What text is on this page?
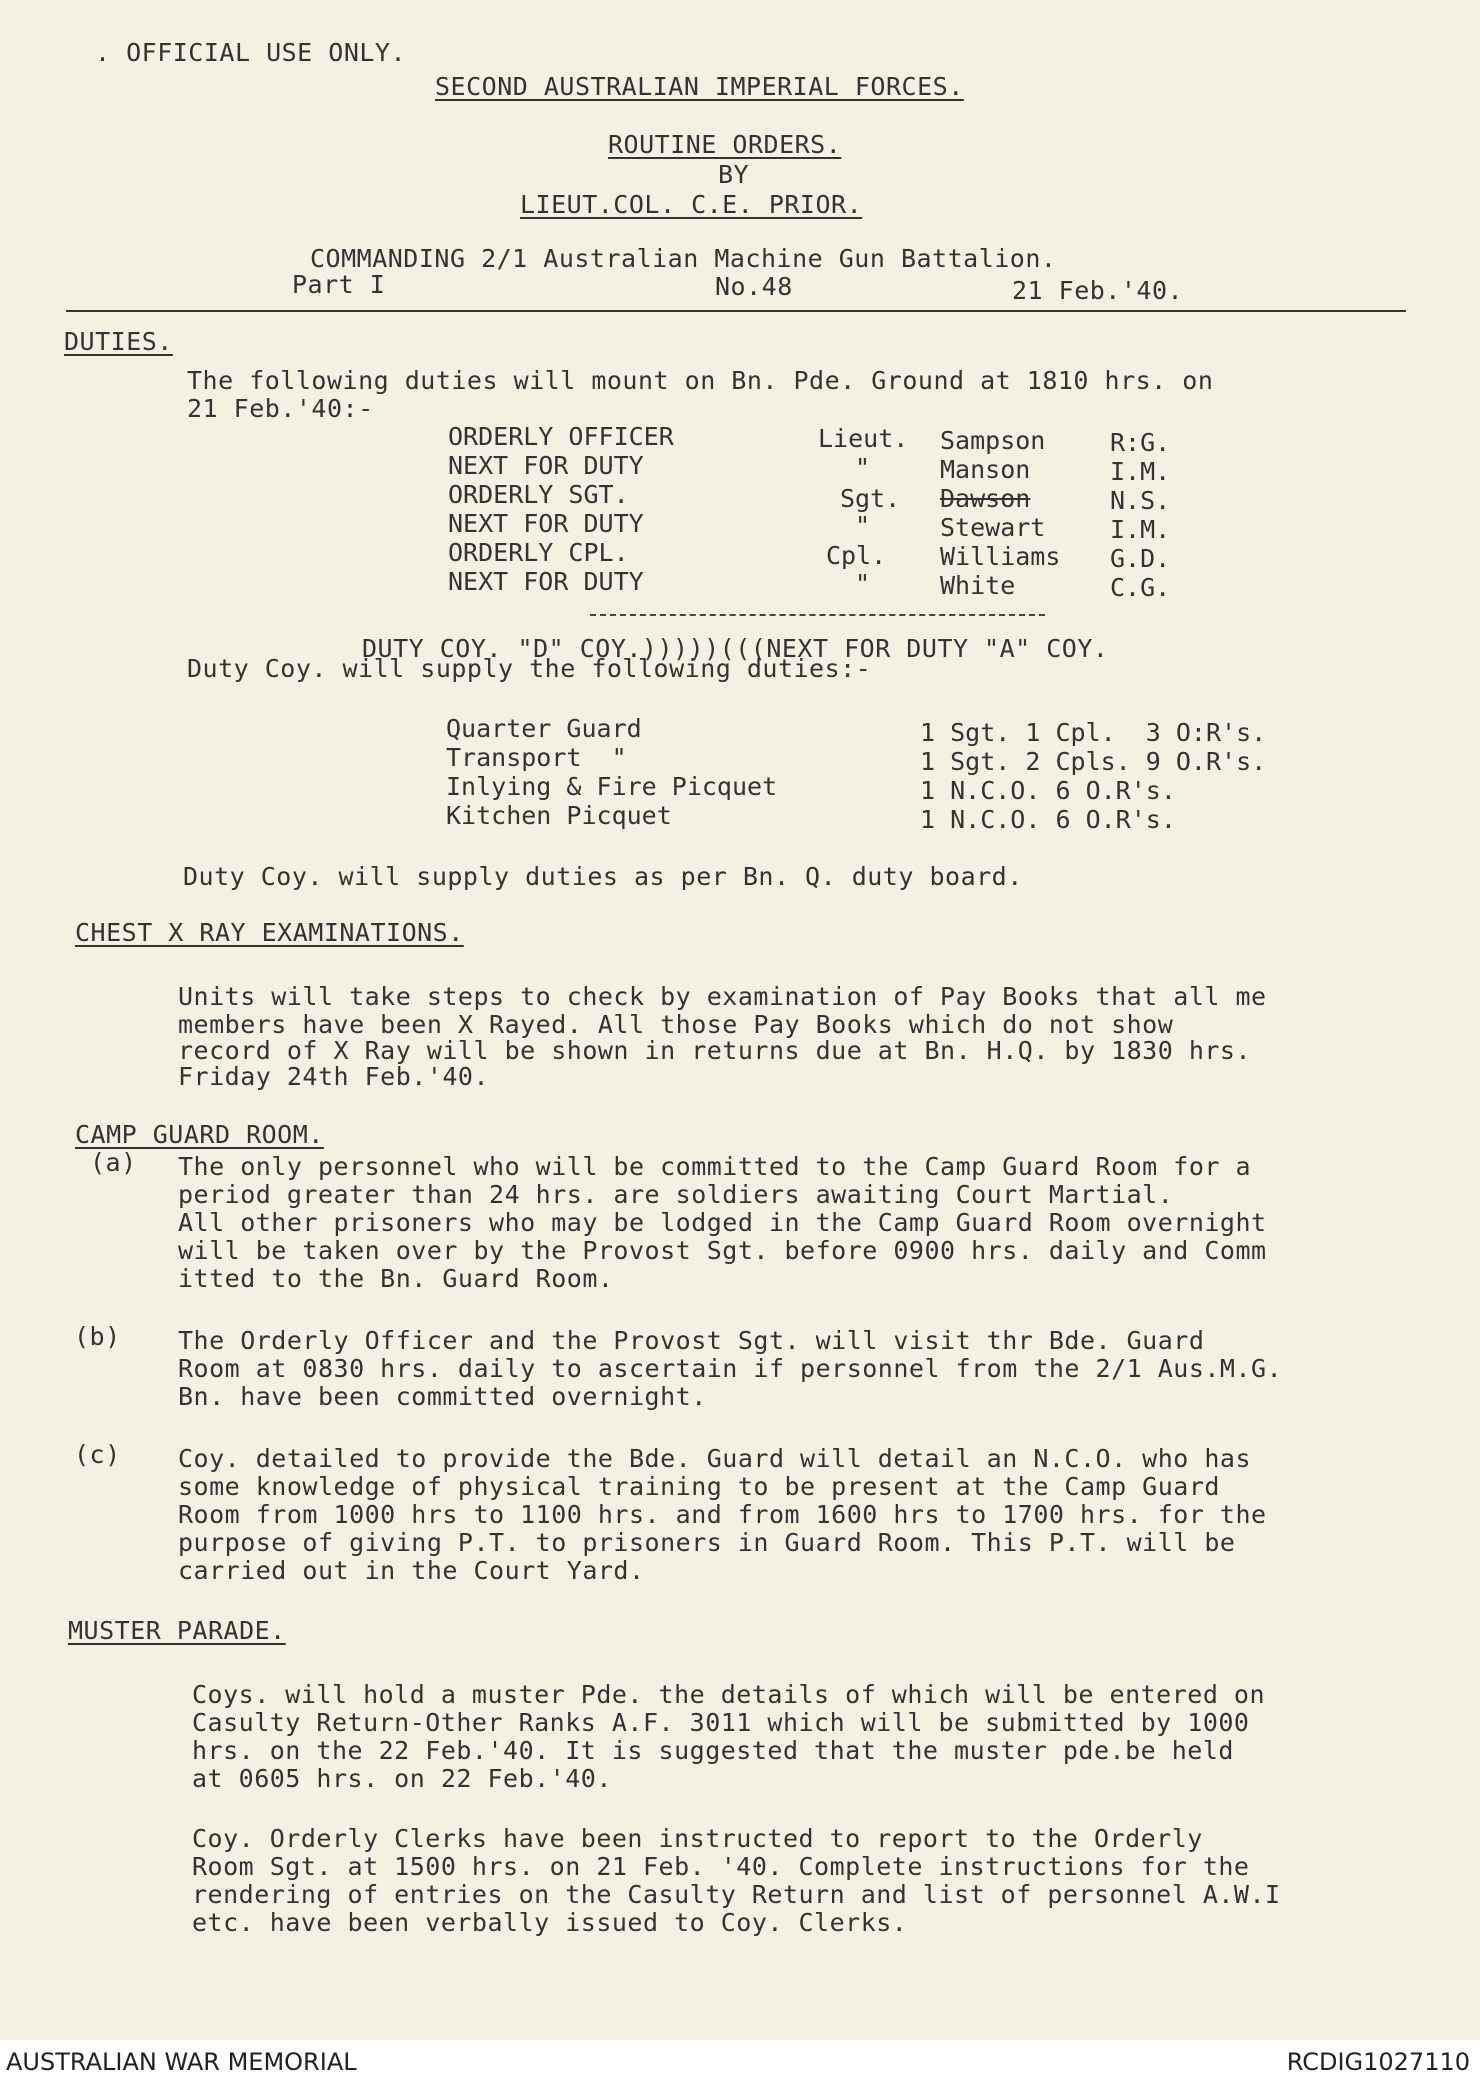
. OFFICIAL USE ONLY.
SECOND AUSTRALIAN IMPERIAL FORCES.
ROUTINE ORDERS.
BY
LIEUT.COL. C.E. PRIOR.
COMMANDING 2/1 Australian Machine Gun Battalion.
Part I	No.48	21 Feb.'40.
DUTIES.
The following duties will mount on Bn. Pde. Ground at 1810 hrs. on
21 Feb.'40:-
ORDERLY OFFICER	Lieut. Sampson	R:G.
NEXT FOR DUTY	"	Manson	I.M.
ORDERLY SGT.	Sgt. Dawson	N.S.
NEXT FOR DUTY	"	Stewart	I.M.
ORDERLY CPL.	Cpl. Williams G.D.
NEXT FOR DUTY	"	White	C.G.
DUTY COY. "D" COY.)))))(((NEXT FOR DUTY "A" COY.
Duty Coy. will supply the following duties:-
Quarter Guard	1 Sgt. 1 Cpl.  3 O:R's.
Transport  "	1 Sgt. 2 Cpls. 9 O.R's.
Inlying & Fire Picquet	1 N.C.O. 6 O.R's.
Kitchen Picquet	1 N.C.O. 6 O.R's.
Duty Coy. will supply duties as per Bn. Q. duty board.
CHEST X RAY EXAMINATIONS.
Units will take steps to check by examination of Pay Books that all me
members have been X Rayed. All those Pay Books which do not show
record of X Ray will be shown in returns due at Bn. H.Q. by 1830 hrs.
Friday 24th Feb.'40.
CAMP GUARD ROOM.
(a) The only personnel who will be committed to the Camp Guard Room for a
period greater than 24 hrs. are soldiers awaiting Court Martial.
All other prisoners who may be lodged in the Camp Guard Room overnight
will be taken over by the Provost Sgt. before 0900 hrs. daily and Comm
itted to the Bn. Guard Room.
(b) The Orderly Officer and the Provost Sgt. will visit thr Bde. Guard
Room at 0830 hrs. daily to ascertain if personnel from the 2/1 Aus.M.G.
Bn. have been committed overnight.
(c) Coy. detailed to provide the Bde. Guard will detail an N.C.O. who has
some knowledge of physical training to be present at the Camp Guard
Room from 1000 hrs to 1100 hrs. and from 1600 hrs to 1700 hrs. for the
purpose of giving P.T. to prisoners in Guard Room. This P.T. will be
carried out in the Court Yard.
MUSTER PARADE.
Coys. will hold a muster Pde. the details of which will be entered on
Casulty Return-Other Ranks A.F. 3011 which will be submitted by 1000
hrs. on the 22 Feb.'40. It is suggested that the muster pde.be held
at 0605 hrs. on 22 Feb.'40.
Coy. Orderly Clerks have been instructed to report to the Orderly
Room Sgt. at 1500 hrs. on 21 Feb. '40. Complete instructions for the
rendering of entries on the Casulty Return and list of personnel A.W.I
etc. have been verbally issued to Coy. Clerks.
AUSTRALIAN WAR MEMORIAL	RCDIG1027110
